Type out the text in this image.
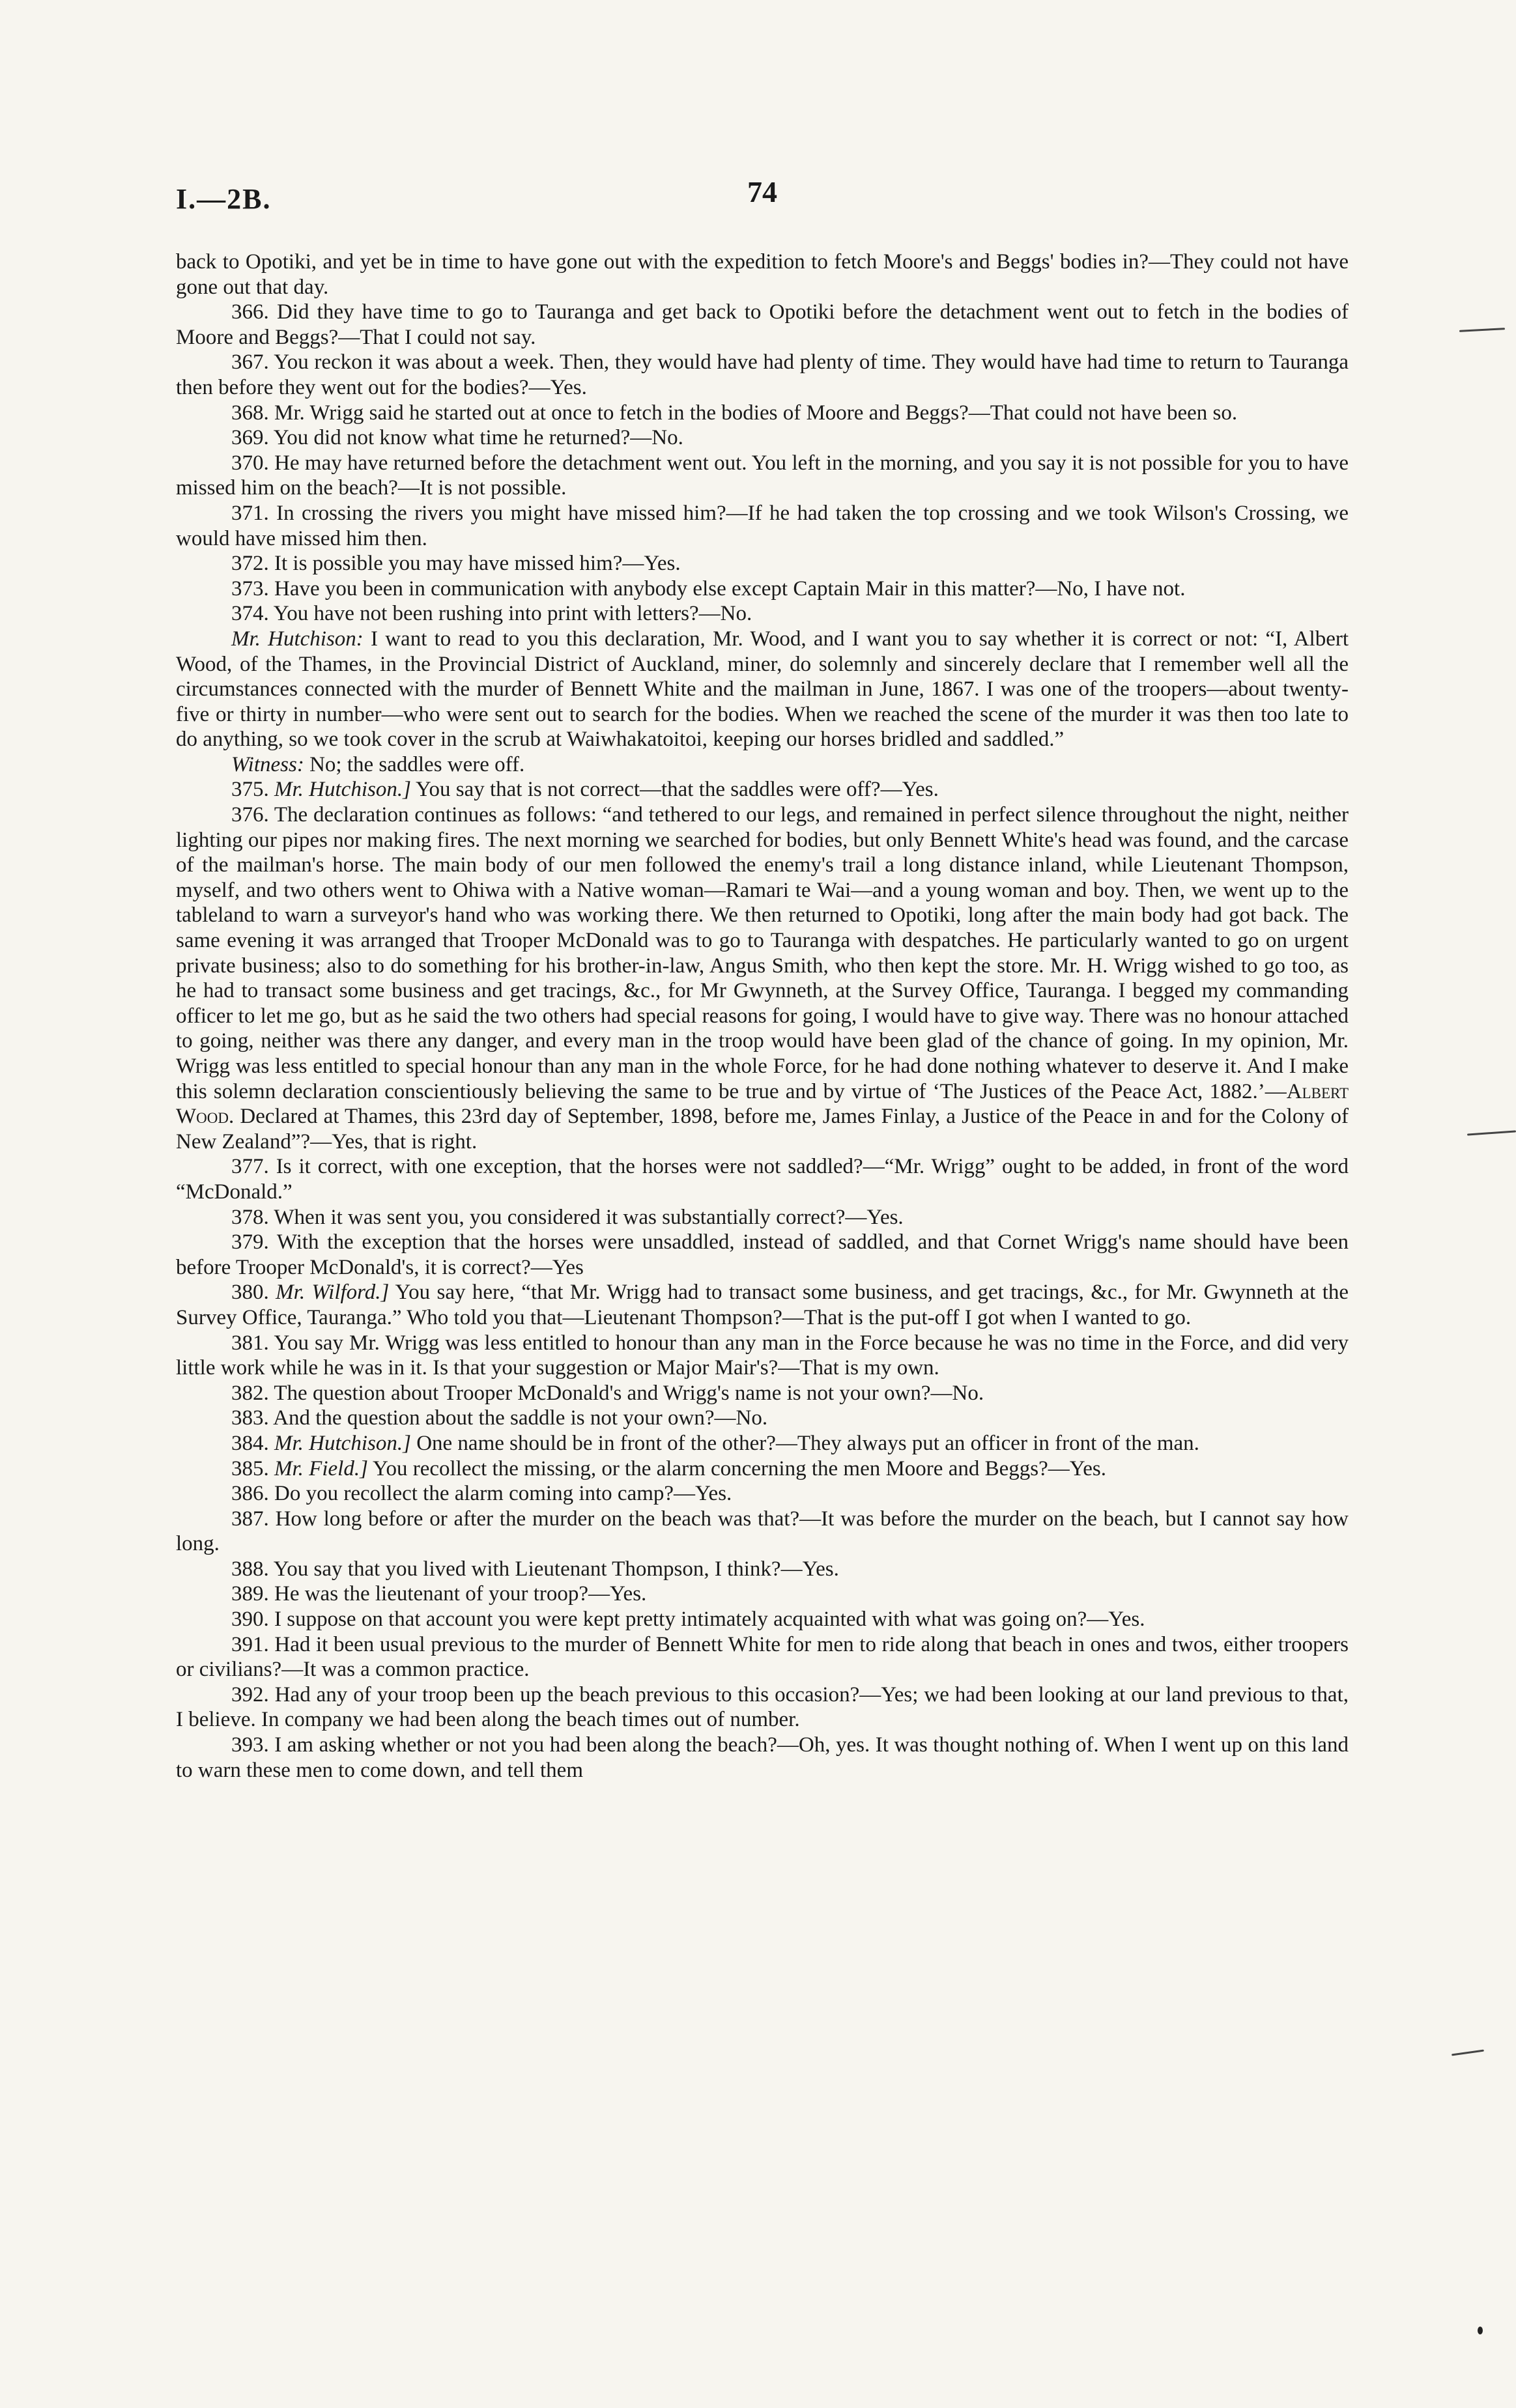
I.—2B.	74

back to Opotiki, and yet be in time to have gone out with the expedition to fetch Moore's and Beggs' bodies in?—They could not have gone out that day.

366. Did they have time to go to Tauranga and get back to Opotiki before the detachment went out to fetch in the bodies of Moore and Beggs?—That I could not say.

367. You reckon it was about a week. Then, they would have had plenty of time. They would have had time to return to Tauranga then before they went out for the bodies?—Yes.

368. Mr. Wrigg said he started out at once to fetch in the bodies of Moore and Beggs?—That could not have been so.

369. You did not know what time he returned?—No.

370. He may have returned before the detachment went out. You left in the morning, and you say it is not possible for you to have missed him on the beach?—It is not possible.

371. In crossing the rivers you might have missed him?—If he had taken the top crossing and we took Wilson's Crossing, we would have missed him then.

372. It is possible you may have missed him?—Yes.

373. Have you been in communication with anybody else except Captain Mair in this matter?—No, I have not.

374. You have not been rushing into print with letters?—No.

Mr. Hutchison: I want to read to you this declaration, Mr. Wood, and I want you to say whether it is correct or not: “I, Albert Wood, of the Thames, in the Provincial District of Auckland, miner, do solemnly and sincerely declare that I remember well all the circumstances connected with the murder of Bennett White and the mailman in June, 1867. I was one of the troopers—about twenty-five or thirty in number—who were sent out to search for the bodies. When we reached the scene of the murder it was then too late to do anything, so we took cover in the scrub at Waiwhakatoitoi, keeping our horses bridled and saddled.”

Witness: No; the saddles were off.

375. Mr. Hutchison.] You say that is not correct—that the saddles were off?—Yes.

376. The declaration continues as follows: “and tethered to our legs, and remained in perfect silence throughout the night, neither lighting our pipes nor making fires. The next morning we searched for bodies, but only Bennett White's head was found, and the carcase of the mailman's horse. The main body of our men followed the enemy's trail a long distance inland, while Lieutenant Thompson, myself, and two others went to Ohiwa with a Native woman—Ramari te Wai—and a young woman and boy. Then, we went up to the tableland to warn a surveyor's hand who was working there. We then returned to Opotiki, long after the main body had got back. The same evening it was arranged that Trooper McDonald was to go to Tauranga with despatches. He particularly wanted to go on urgent private business; also to do something for his brother-in-law, Angus Smith, who then kept the store. Mr. H. Wrigg wished to go too, as he had to transact some business and get tracings, &c., for Mr Gwynneth, at the Survey Office, Tauranga. I begged my commanding officer to let me go, but as he said the two others had special reasons for going, I would have to give way. There was no honour attached to going, neither was there any danger, and every man in the troop would have been glad of the chance of going. In my opinion, Mr. Wrigg was less entitled to special honour than any man in the whole Force, for he had done nothing whatever to deserve it. And I make this solemn declaration conscientiously believing the same to be true and by virtue of ‘The Justices of the Peace Act, 1882.’—Albert Wood. Declared at Thames, this 23rd day of September, 1898, before me, James Finlay, a Justice of the Peace in and for the Colony of New Zealand”?—Yes, that is right.

377. Is it correct, with one exception, that the horses were not saddled?—“Mr. Wrigg” ought to be added, in front of the word “McDonald.”

378. When it was sent you, you considered it was substantially correct?—Yes.

379. With the exception that the horses were unsaddled, instead of saddled, and that Cornet Wrigg's name should have been before Trooper McDonald's, it is correct?—Yes

380. Mr. Wilford.] You say here, “that Mr. Wrigg had to transact some business, and get tracings, &c., for Mr. Gwynneth at the Survey Office, Tauranga.” Who told you that—Lieutenant Thompson?—That is the put-off I got when I wanted to go.

381. You say Mr. Wrigg was less entitled to honour than any man in the Force because he was no time in the Force, and did very little work while he was in it. Is that your suggestion or Major Mair's?—That is my own.

382. The question about Trooper McDonald's and Wrigg's name is not your own?—No.

383. And the question about the saddle is not your own?—No.

384. Mr. Hutchison.] One name should be in front of the other?—They always put an officer in front of the man.

385. Mr. Field.] You recollect the missing, or the alarm concerning the men Moore and Beggs?—Yes.

386. Do you recollect the alarm coming into camp?—Yes.

387. How long before or after the murder on the beach was that?—It was before the murder on the beach, but I cannot say how long.

388. You say that you lived with Lieutenant Thompson, I think?—Yes.

389. He was the lieutenant of your troop?—Yes.

390. I suppose on that account you were kept pretty intimately acquainted with what was going on?—Yes.

391. Had it been usual previous to the murder of Bennett White for men to ride along that beach in ones and twos, either troopers or civilians?—It was a common practice.

392. Had any of your troop been up the beach previous to this occasion?—Yes; we had been looking at our land previous to that, I believe. In company we had been along the beach times out of number.

393. I am asking whether or not you had been along the beach?—Oh, yes. It was thought nothing of. When I went up on this land to warn these men to come down, and tell them
